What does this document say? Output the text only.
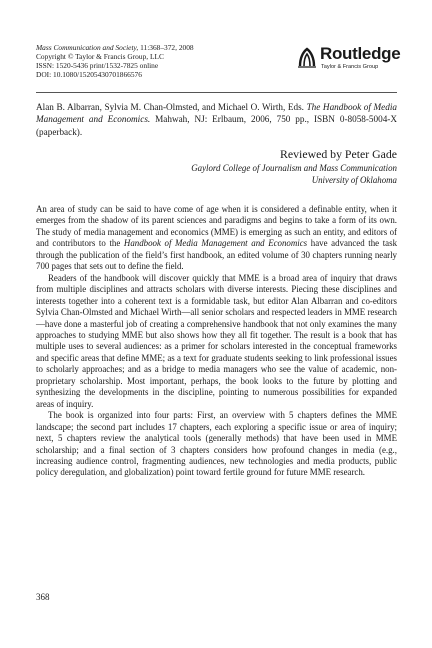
Mass Communication and Society, 11:368–372, 2008
Copyright © Taylor & Francis Group, LLC
ISSN: 1520-5436 print/1532-7825 online
DOI: 10.1080/15205430701866576
Routledge
Taylor & Francis Group
Alan B. Albarran, Sylvia M. Chan-Olmsted, and Michael O. Wirth, Eds. The Handbook of Media Management and Economics. Mahwah, NJ: Erlbaum, 2006, 750 pp., ISBN 0-8058-5004-X (paperback).
Reviewed by Peter Gade
Gaylord College of Journalism and Mass Communication
University of Oklahoma

An area of study can be said to have come of age when it is considered a definable entity, when it emerges from the shadow of its parent sciences and paradigms and begins to take a form of its own. The study of media management and economics (MME) is emerging as such an entity, and editors of and contributors to the Handbook of Media Management and Economics have advanced the task through the publication of the field’s first handbook, an edited volume of 30 chapters running nearly 700 pages that sets out to define the field.

Readers of the handbook will discover quickly that MME is a broad area of inquiry that draws from multiple disciplines and attracts scholars with diverse interests. Piecing these disciplines and interests together into a coherent text is a formidable task, but editor Alan Albarran and co-editors Sylvia Chan-Olmsted and Michael Wirth—all senior scholars and respected leaders in MME research—have done a masterful job of creating a comprehensive handbook that not only examines the many approaches to studying MME but also shows how they all fit together. The result is a book that has multiple uses to several audiences: as a primer for scholars interested in the conceptual frameworks and specific areas that define MME; as a text for graduate students seeking to link professional issues to scholarly approaches; and as a bridge to media managers who see the value of academic, non-proprietary scholarship. Most important, perhaps, the book looks to the future by plotting and synthesizing the developments in the discipline, pointing to numerous possibilities for expanded areas of inquiry.

The book is organized into four parts: First, an overview with 5 chapters defines the MME landscape; the second part includes 17 chapters, each exploring a specific issue or area of inquiry; next, 5 chapters review the analytical tools (generally methods) that have been used in MME scholarship; and a final section of 3 chapters considers how profound changes in media (e.g., increasing audience control, fragmenting audiences, new technologies and media products, public policy deregulation, and globalization) point toward fertile ground for future MME research.

368
